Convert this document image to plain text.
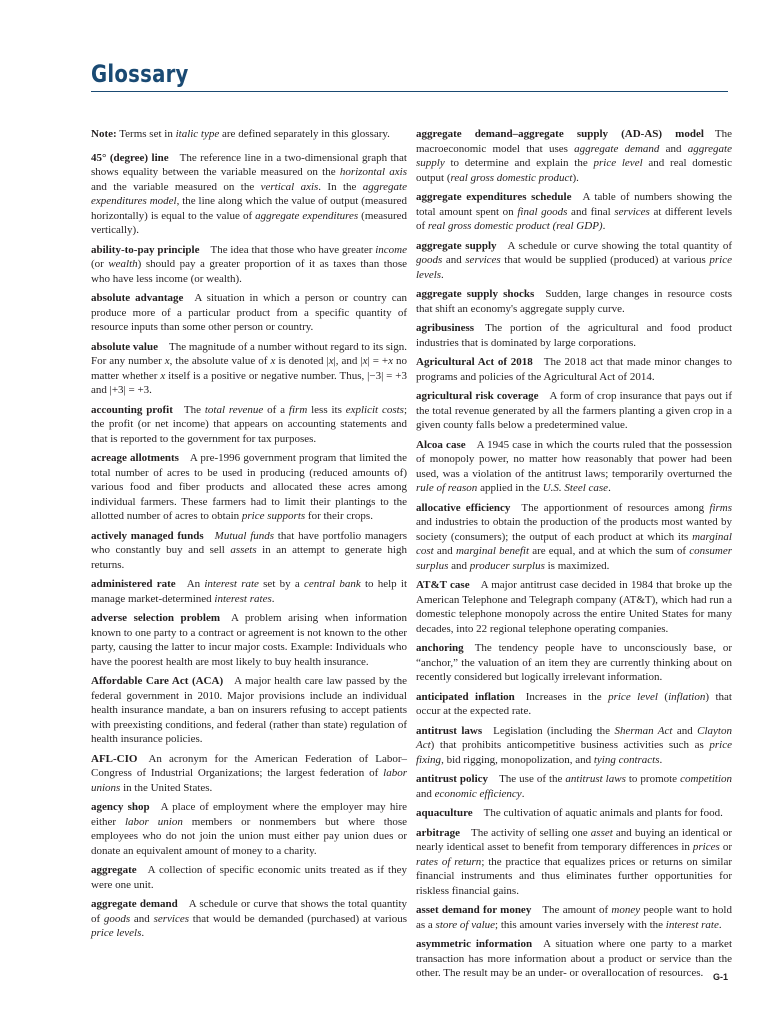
Glossary

Note: Terms set in italic type are defined separately in this glossary.

45° (degree) line  The reference line in a two-dimensional graph that shows equality between the variable measured on the horizontal axis and the variable measured on the vertical axis. In the aggregate expenditures model, the line along which the value of output (measured horizontally) is equal to the value of aggregate expenditures (measured vertically).

ability-to-pay principle  The idea that those who have greater income (or wealth) should pay a greater proportion of it as taxes than those who have less income (or wealth).

absolute advantage  A situation in which a person or country can produce more of a particular product from a specific quantity of resource inputs than some other person or country.

absolute value  The magnitude of a number without regard to its sign. For any number x, the absolute value of x is denoted |x|, and |x| = +x no matter whether x itself is a positive or negative number. Thus, |−3| = +3 and |+3| = +3.

accounting profit  The total revenue of a firm less its explicit costs; the profit (or net income) that appears on accounting statements and that is reported to the government for tax purposes.

acreage allotments  A pre-1996 government program that limited the total number of acres to be used in producing (reduced amounts of) various food and fiber products and allocated these acres among individual farmers. These farmers had to limit their plantings to the allotted number of acres to obtain price supports for their crops.

actively managed funds  Mutual funds that have portfolio managers who constantly buy and sell assets in an attempt to generate high returns.

administered rate  An interest rate set by a central bank to help it manage market-determined interest rates.

adverse selection problem  A problem arising when information known to one party to a contract or agreement is not known to the other party, causing the latter to incur major costs. Example: Individuals who have the poorest health are most likely to buy health insurance.

Affordable Care Act (ACA)  A major health care law passed by the federal government in 2010. Major provisions include an individual health insurance mandate, a ban on insurers refusing to accept patients with preexisting conditions, and federal (rather than state) regulation of health insurance policies.

AFL-CIO  An acronym for the American Federation of Labor–Congress of Industrial Organizations; the largest federation of labor unions in the United States.

agency shop  A place of employment where the employer may hire either labor union members or nonmembers but where those employees who do not join the union must either pay union dues or donate an equivalent amount of money to a charity.

aggregate  A collection of specific economic units treated as if they were one unit.

aggregate demand  A schedule or curve that shows the total quantity of goods and services that would be demanded (purchased) at various price levels.

aggregate demand–aggregate supply (AD-AS) model  The macroeconomic model that uses aggregate demand and aggregate supply to determine and explain the price level and real domestic output (real gross domestic product).

aggregate expenditures schedule  A table of numbers showing the total amount spent on final goods and final services at different levels of real gross domestic product (real GDP).

aggregate supply  A schedule or curve showing the total quantity of goods and services that would be supplied (produced) at various price levels.

aggregate supply shocks  Sudden, large changes in resource costs that shift an economy's aggregate supply curve.

agribusiness  The portion of the agricultural and food product industries that is dominated by large corporations.

Agricultural Act of 2018  The 2018 act that made minor changes to programs and policies of the Agricultural Act of 2014.

agricultural risk coverage  A form of crop insurance that pays out if the total revenue generated by all the farmers planting a given crop in a given county falls below a predetermined value.

Alcoa case  A 1945 case in which the courts ruled that the possession of monopoly power, no matter how reasonably that power had been used, was a violation of the antitrust laws; temporarily overturned the rule of reason applied in the U.S. Steel case.

allocative efficiency  The apportionment of resources among firms and industries to obtain the production of the products most wanted by society (consumers); the output of each product at which its marginal cost and marginal benefit are equal, and at which the sum of consumer surplus and producer surplus is maximized.

AT&T case  A major antitrust case decided in 1984 that broke up the American Telephone and Telegraph company (AT&T), which had run a domestic telephone monopoly across the entire United States for many decades, into 22 regional telephone operating companies.

anchoring  The tendency people have to unconsciously base, or “anchor,” the valuation of an item they are currently thinking about on recently considered but logically irrelevant information.

anticipated inflation  Increases in the price level (inflation) that occur at the expected rate.

antitrust laws  Legislation (including the Sherman Act and Clayton Act) that prohibits anticompetitive business activities such as price fixing, bid rigging, monopolization, and tying contracts.

antitrust policy  The use of the antitrust laws to promote competition and economic efficiency.

aquaculture  The cultivation of aquatic animals and plants for food.

arbitrage  The activity of selling one asset and buying an identical or nearly identical asset to benefit from temporary differences in prices or rates of return; the practice that equalizes prices or returns on similar financial instruments and thus eliminates further opportunities for riskless financial gains.

asset demand for money  The amount of money people want to hold as a store of value; this amount varies inversely with the interest rate.

asymmetric information  A situation where one party to a market transaction has more information about a product or service than the other. The result may be an under- or overallocation of resources.	G-1
